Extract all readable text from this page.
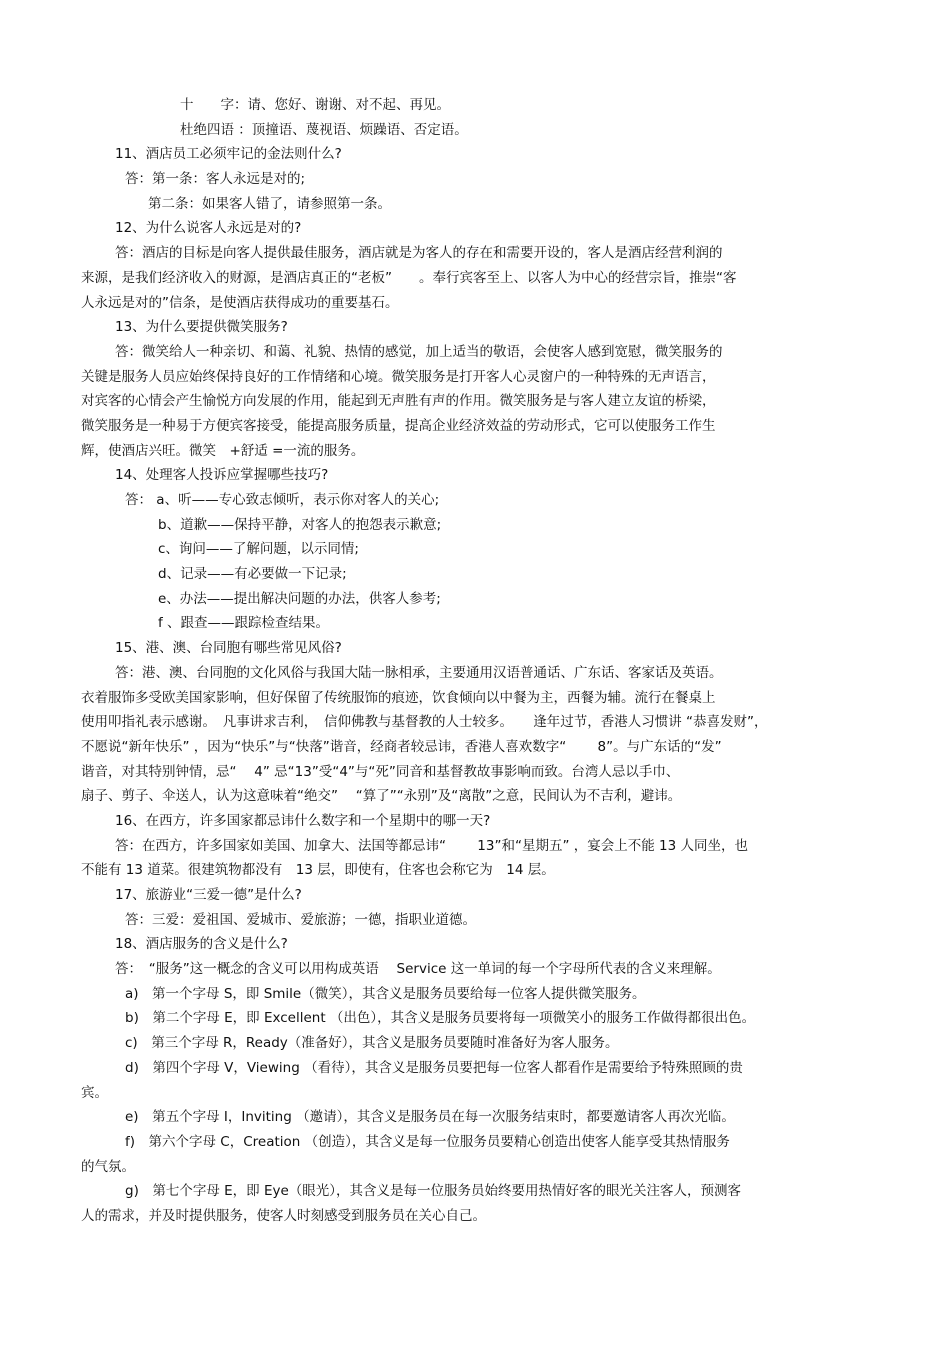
十　　字：请、您好、谢谢、对不起、再见。
杜绝四语 ：顶撞语、蔑视语、烦躁语、否定语。
11、酒店员工必须牢记的金法则什么?
答：第一条：客人永远是对的;
第二条：如果客人错了，请参照第一条。
12、为什么说客人永远是对的?
答：酒店的目标是向客人提供最佳服务，酒店就是为客人的存在和需要开设的，客人是酒店经营利润的
来源，是我们经济收入的财源，是酒店真正的“老板”　　。奉行宾客至上、以客人为中心的经营宗旨，推崇“客
人永远是对的”信条，是使酒店获得成功的重要基石。
13、为什么要提供微笑服务?
答：微笑给人一种亲切、和蔼、礼貌、热情的感觉，加上适当的敬语，会使客人感到宽慰，微笑服务的
关键是服务人员应始终保持良好的工作情绪和心境。微笑服务是打开客人心灵窗户的一种特殊的无声语言，
对宾客的心情会产生愉悦方向发展的作用，能起到无声胜有声的作用。微笑服务是与客人建立友谊的桥梁，
微笑服务是一种易于方便宾客接受，能提高服务质量，提高企业经济效益的劳动形式，它可以使服务工作生
辉，使酒店兴旺。微笑　+舒适 =一流的服务。
14、处理客人投诉应掌握哪些技巧?
答： a、听——专心致志倾听，表示你对客人的关心;
b、道歉——保持平静，对客人的抱怨表示歉意;
c、询问——了解问题，以示同情;
d、记录——有必要做一下记录;
e、办法——提出解决问题的办法，供客人参考;
f 、跟查——跟踪检查结果。
15、港、澳、台同胞有哪些常见风俗?
答：港、澳、台同胞的文化风俗与我国大陆一脉相承，主要通用汉语普通话、广东话、客家话及英语。
衣着服饰多受欧美国家影响，但好保留了传统服饰的痕迹，饮食倾向以中餐为主，西餐为辅。流行在餐桌上
使用叩指礼表示感谢。　凡事讲求吉利，　信仰佛教与基督教的人士较多。　　逢年过节，香港人习惯讲 “恭喜发财”，
不愿说“新年快乐” ，因为“快乐”与“快落”谐音，经商者较忌讳，香港人喜欢数字“　　 8”。与广东话的“发”
谐音，对其特别钟情，忌“　 4” 忌“13”受“4”与“死”同音和基督教故事影响而致。台湾人忌以手巾、
扇子、剪子、伞送人，认为这意味着“绝交”　 “算了”“永别”及“离散”之意，民间认为不吉利，避讳。
16、在西方，许多国家都忌讳什么数字和一个星期中的哪一天?
答：在西方，许多国家如美国、加拿大、法国等都忌讳“　　 13”和“星期五” ，宴会上不能 13 人同坐，也
不能有 13 道菜。很建筑物都没有　13 层，即使有，住客也会称它为　14 层。
17、旅游业“三爱一德”是什么?
答：三爱：爱祖国、爱城市、爱旅游；一德，指职业道德。
18、酒店服务的含义是什么?
答：　“服务”这一概念的含义可以用构成英语　 Service 这一单词的每一个字母所代表的含义来理解。
a)　第一个字母 S，即 Smile（微笑），其含义是服务员要给每一位客人提供微笑服务。
b)　第二个字母 E，即 Excellent （出色），其含义是服务员要将每一项微笑小的服务工作做得都很出色。
c)　第三个字母 R，Ready（准备好），其含义是服务员要随时准备好为客人服务。
d)　第四个字母 V，Viewing （看待），其含义是服务员要把每一位客人都看作是需要给予特殊照顾的贵
宾。
e)　第五个字母 I，Inviting （邀请），其含义是服务员在每一次服务结束时，都要邀请客人再次光临。
f)　第六个字母 C，Creation （创造），其含义是每一位服务员要精心创造出使客人能享受其热情服务
的气氛。
g)　第七个字母 E，即 Eye（眼光），其含义是每一位服务员始终要用热情好客的眼光关注客人，预测客
人的需求，并及时提供服务，使客人时刻感受到服务员在关心自己。
